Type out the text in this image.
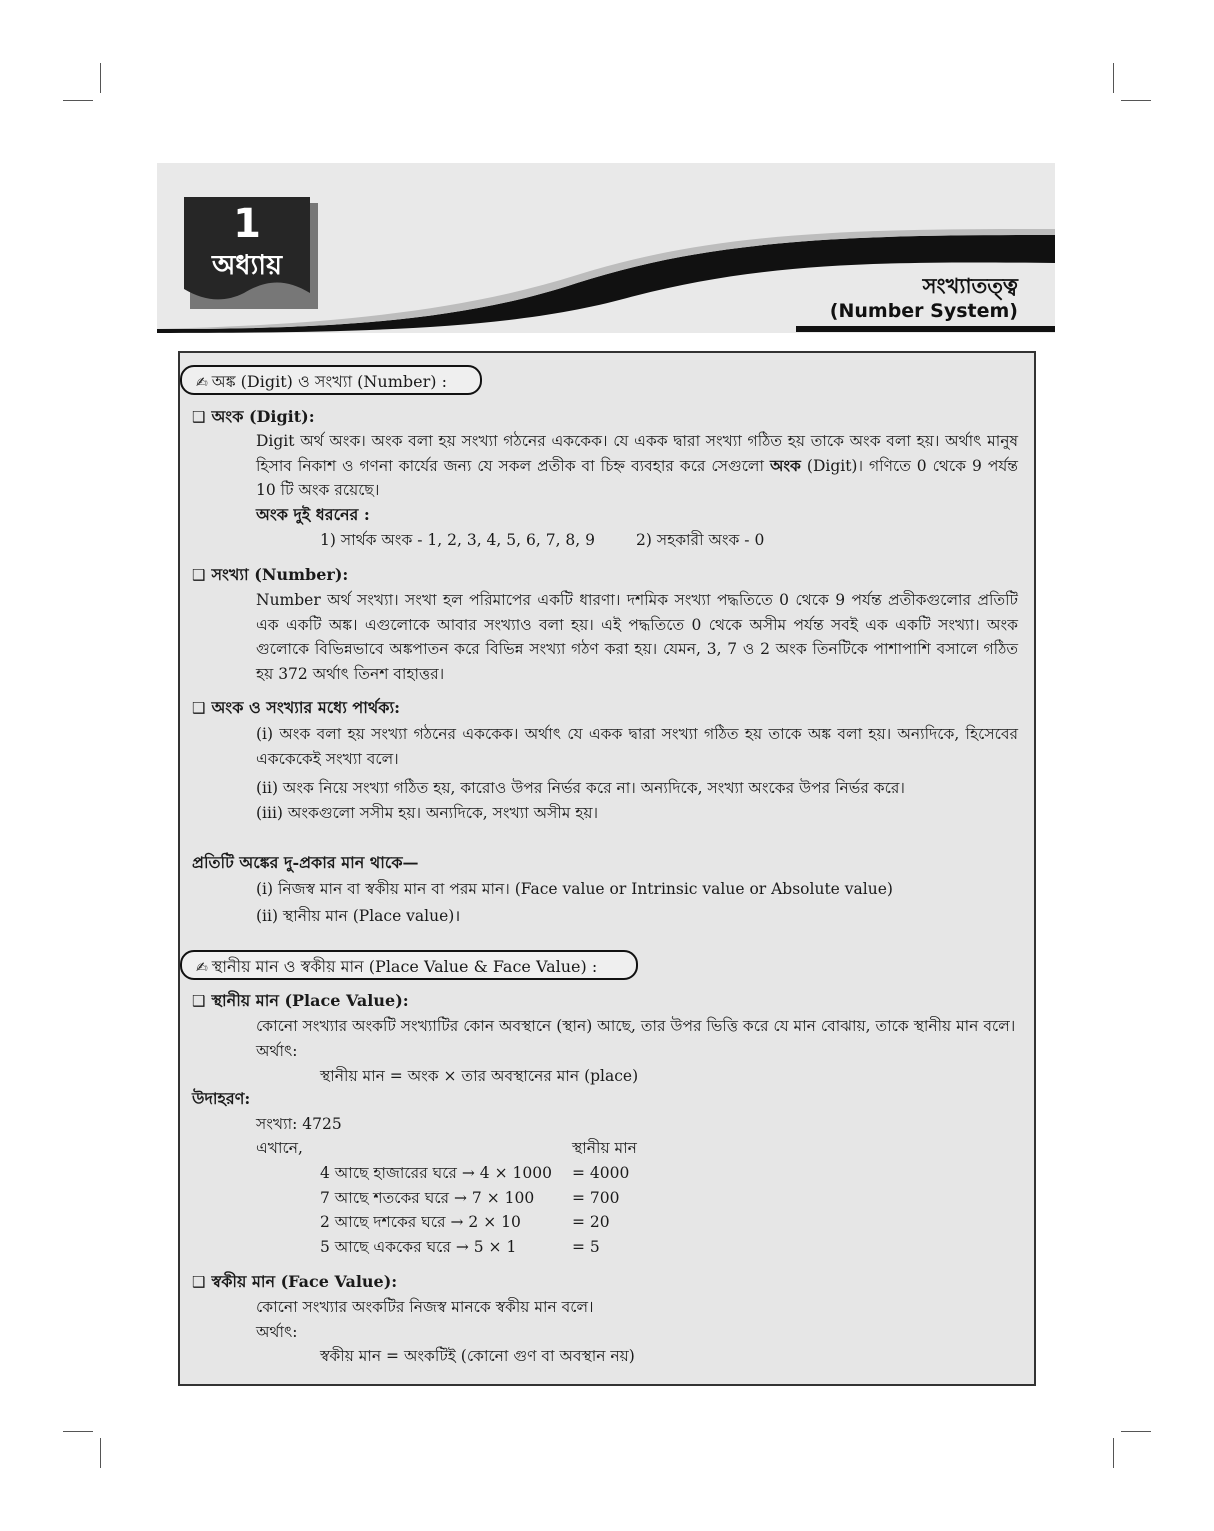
1
অধ্যায়
সংখ্যাতত্ত্ব
(Number System)
✍ অঙ্ক (Digit) ও সংখ্যা (Number) :
❑ অংক (Digit):
Digit অর্থ অংক। অংক বলা হয় সংখ্যা গঠনের এককেক। যে একক দ্বারা সংখ্যা গঠিত হয় তাকে অংক বলা হয়। অর্থাৎ মানুষ হিসাব নিকাশ ও গণনা কার্যের জন্য যে সকল প্রতীক বা চিহ্ন ব্যবহার করে সেগুলো অংক (Digit)। গণিতে 0 থেকে 9 পর্যন্ত 10 টি অংক রয়েছে।
অংক দুই ধরনের :
1) সার্থক অংক - 1, 2, 3, 4, 5, 6, 7, 8, 9	2) সহকারী অংক - 0
❑ সংখ্যা (Number):
Number অর্থ সংখ্যা। সংখা হল পরিমাপের একটি ধারণা। দশমিক সংখ্যা পদ্ধতিতে 0 থেকে 9 পর্যন্ত প্রতীকগুলোর প্রতিটি এক একটি অঙ্ক। এগুলোকে আবার সংখ্যাও বলা হয়। এই পদ্ধতিতে 0 থেকে অসীম পর্যন্ত সবই এক একটি সংখ্যা। অংক গুলোকে বিভিন্নভাবে অঙ্কপাতন করে বিভিন্ন সংখ্যা গঠণ করা হয়। যেমন, 3, 7 ও 2 অংক তিনটিকে পাশাপাশি বসালে গঠিত হয় 372 অর্থাৎ তিনশ বাহাত্তর।
❑ অংক ও সংখ্যার মধ্যে পার্থক্য:
(i) অংক বলা হয় সংখ্যা গঠনের এককেক। অর্থাৎ যে একক দ্বারা সংখ্যা গঠিত হয় তাকে অঙ্ক বলা হয়। অন্যদিকে, হিসেবের এককেকেই সংখ্যা বলে।
(ii) অংক নিয়ে সংখ্যা গঠিত হয়, কারোও উপর নির্ভর করে না। অন্যদিকে, সংখ্যা অংকের উপর নির্ভর করে।
(iii) অংকগুলো সসীম হয়। অন্যদিকে, সংখ্যা অসীম হয়।
প্রতিটি অঙ্কের দু-প্রকার মান থাকে—
(i) নিজস্ব মান বা স্বকীয় মান বা পরম মান। (Face value or Intrinsic value or Absolute value)
(ii) স্থানীয় মান (Place value)।
✍ স্থানীয় মান ও স্বকীয় মান (Place Value & Face Value) :
❑ স্থানীয় মান (Place Value):
কোনো সংখ্যার অংকটি সংখ্যাটির কোন অবস্থানে (স্থান) আছে, তার উপর ভিত্তি করে যে মান বোঝায়, তাকে স্থানীয় মান বলে।
অর্থাৎ:
স্থানীয় মান = অংক × তার অবস্থানের মান (place)
উদাহরণ:
সংখ্যা: 4725
এখানে,	স্থানীয় মান
4 আছে হাজারের ঘরে → 4 × 1000 = 4000
7 আছে শতকের ঘরে → 7 × 100 = 700
2 আছে দশকের ঘরে → 2 × 10	= 20
5 আছে এককের ঘরে → 5 × 1	= 5
❑ স্বকীয় মান (Face Value):
কোনো সংখ্যার অংকটির নিজস্ব মানকে স্বকীয় মান বলে।
অর্থাৎ:
স্বকীয় মান = অংকটিই (কোনো গুণ বা অবস্থান নয়)
